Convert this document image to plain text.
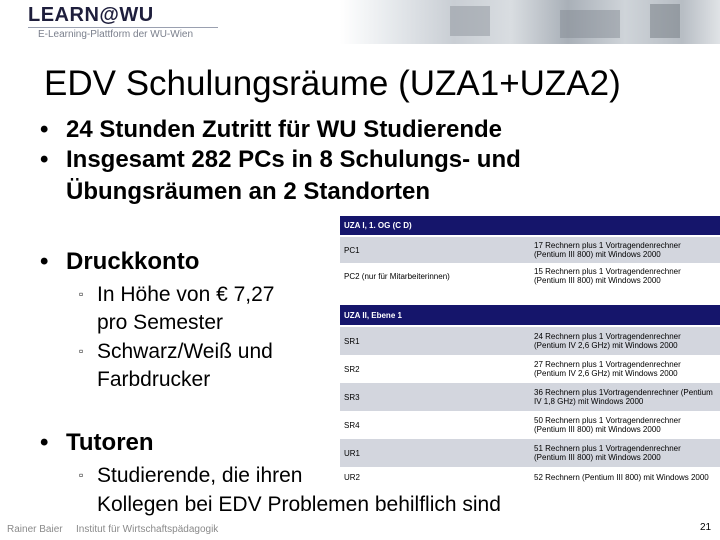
LEARN@WU
E-Learning-Plattform der WU-Wien
EDV Schulungsräume (UZA1+UZA2)
• 24 Stunden Zutritt für WU Studierende
• Insgesamt 282 PCs in 8 Schulungs- und
Übungsräumen an 2 Standorten
• Druckkonto
▫ In Höhe von € 7,27
pro Semester
▫ Schwarz/Weiß und
Farbdrucker
• Tutoren
▫ Studierende, die ihren
UZA I, 1. OG (C D)	

PC1	17 Rechnern plus 1 Vortragendenrechner
(Pentium III 800) mit Windows 2000

PC2 (nur für Mitarbeiterinnen)	15 Rechnern plus 1 Vortragendenrechner
(Pentium III 800) mit Windows 2000
UZA II, Ebene 1	

SR1	24 Rechnern plus 1 Vortragendenrechner
(Pentium IV 2,6 GHz) mit Windows 2000

SR2	27 Rechnern plus 1 Vortragendenrechner
(Pentium IV 2,6 GHz) mit Windows 2000

SR3	36 Rechnern plus 1Vortragendenrechner (Pentium
IV 1,8 GHz) mit Windows 2000

SR4	50 Rechnern plus 1 Vortragendenrechner
(Pentium III 800) mit Windows 2000

UR1	51 Rechnern plus 1 Vortragendenrechner
(Pentium III 800) mit Windows 2000

UR2	52 Rechnern (Pentium III 800) mit Windows 2000
Kollegen bei EDV Problemen behilflich sind
Rainer Baier Institut für Wirtschaftspädagogik	21
